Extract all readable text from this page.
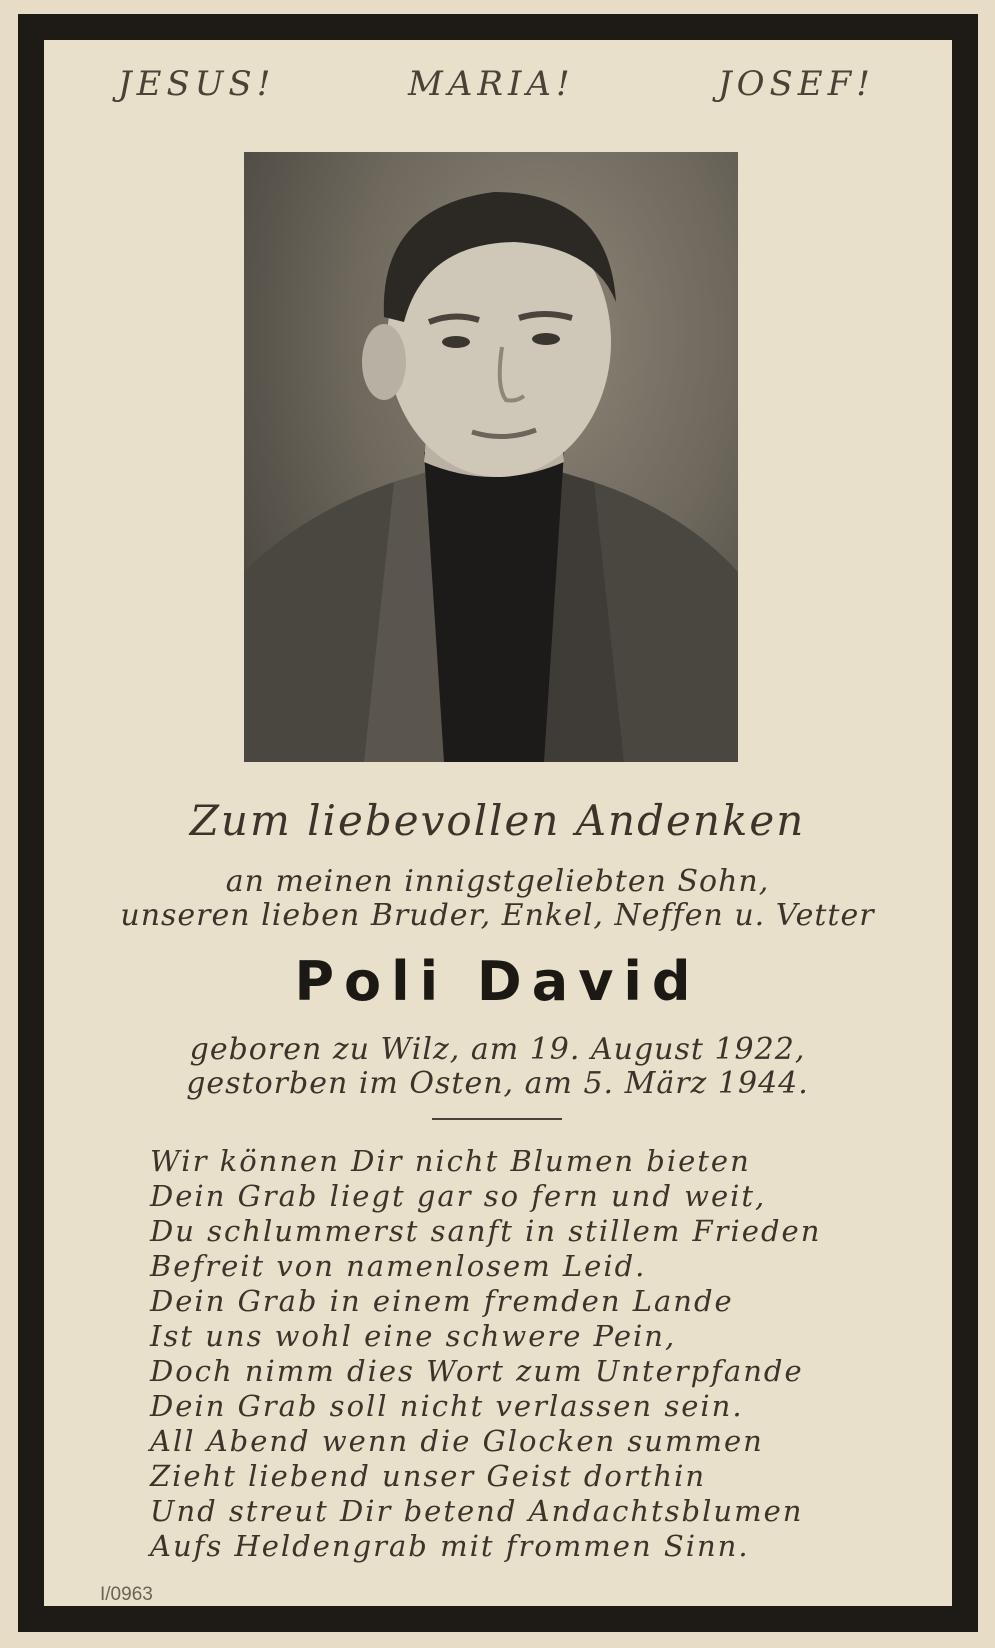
JESUS!	MARIA!	JOSEF!
Zum liebevollen Andenken
an meinen innigstgeliebten Sohn,
unseren lieben Bruder, Enkel, Neffen u. Vetter
Poli David
geboren zu Wilz, am 19. August 1922,
gestorben im Osten, am 5. März 1944.
Wir können Dir nicht Blumen bieten
Dein Grab liegt gar so fern und weit,
Du schlummerst sanft in stillem Frieden
Befreit von namenlosem Leid.
Dein Grab in einem fremden Lande
Ist uns wohl eine schwere Pein,
Doch nimm dies Wort zum Unterpfande
Dein Grab soll nicht verlassen sein.
All Abend wenn die Glocken summen
Zieht liebend unser Geist dorthin
Und streut Dir betend Andachtsblumen
Aufs Heldengrab mit frommen Sinn.
I/0963
